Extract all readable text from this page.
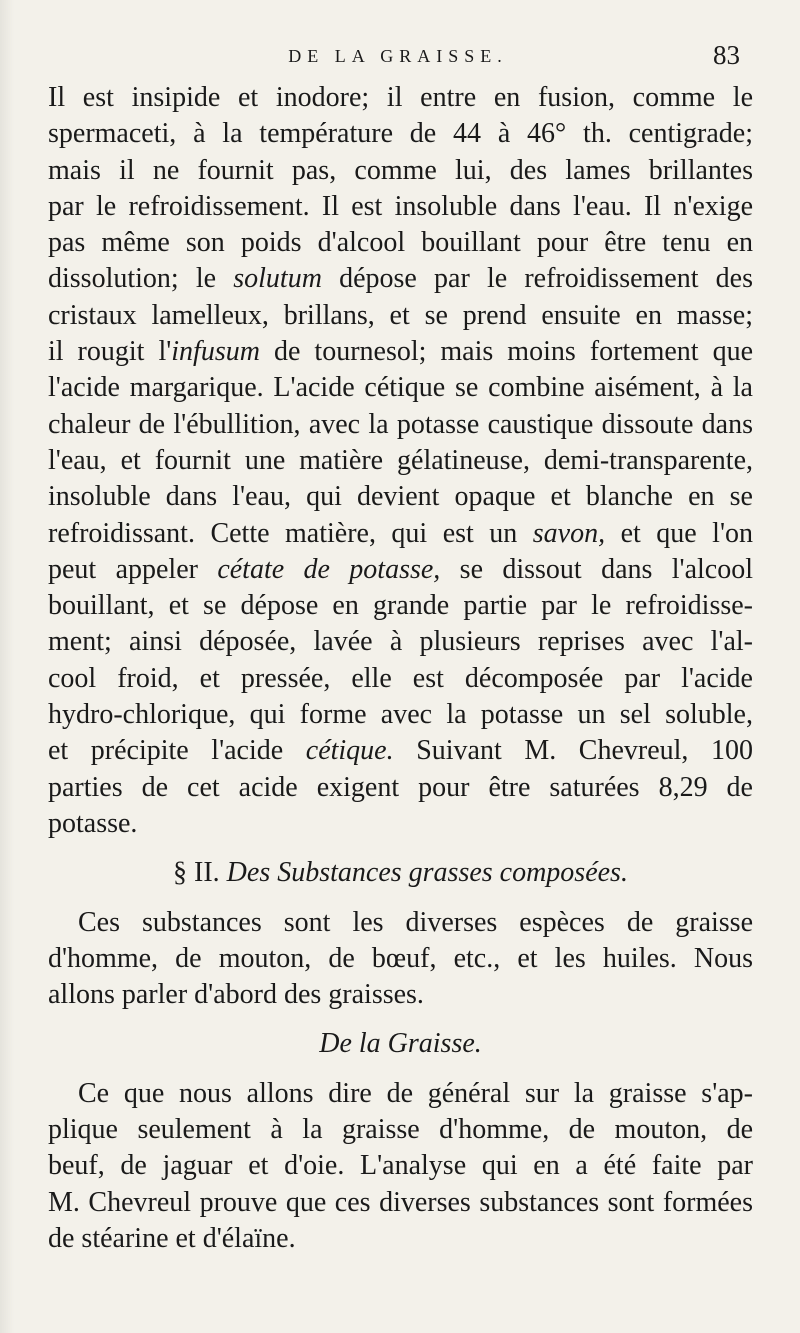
DE LA GRAISSE.	83
Il est insipide et inodore; il entre en fusion, comme le
spermaceti, à la température de 44 à 46° th. centigrade;
mais il ne fournit pas, comme lui, des lames brillantes
par le refroidissement. Il est insoluble dans l'eau. Il n'exige
pas même son poids d'alcool bouillant pour être tenu en
dissolution; le solutum dépose par le refroidissement des
cristaux lamelleux, brillans, et se prend ensuite en masse;
il rougit l'infusum de tournesol; mais moins fortement que
l'acide margarique. L'acide cétique se combine aisément, à la
chaleur de l'ébullition, avec la potasse caustique dissoute dans
l'eau, et fournit une matière gélatineuse, demi-transparente,
insoluble dans l'eau, qui devient opaque et blanche en se
refroidissant. Cette matière, qui est un savon, et que l'on
peut appeler cétate de potasse, se dissout dans l'alcool
bouillant, et se dépose en grande partie par le refroidisse-
ment; ainsi déposée, lavée à plusieurs reprises avec l'al-
cool froid, et pressée, elle est décomposée par l'acide
hydro-chlorique, qui forme avec la potasse un sel soluble,
et précipite l'acide cétique. Suivant M. Chevreul, 100
parties de cet acide exigent pour être saturées 8,29 de
potasse.
§ II. Des Substances grasses composées.
Ces substances sont les diverses espèces de graisse
d'homme, de mouton, de bœuf, etc., et les huiles. Nous
allons parler d'abord des graisses.
De la Graisse.
Ce que nous allons dire de général sur la graisse s'ap-
plique seulement à la graisse d'homme, de mouton, de
beuf, de jaguar et d'oie. L'analyse qui en a été faite par
M. Chevreul prouve que ces diverses substances sont formées
de stéarine et d'élaïne.
